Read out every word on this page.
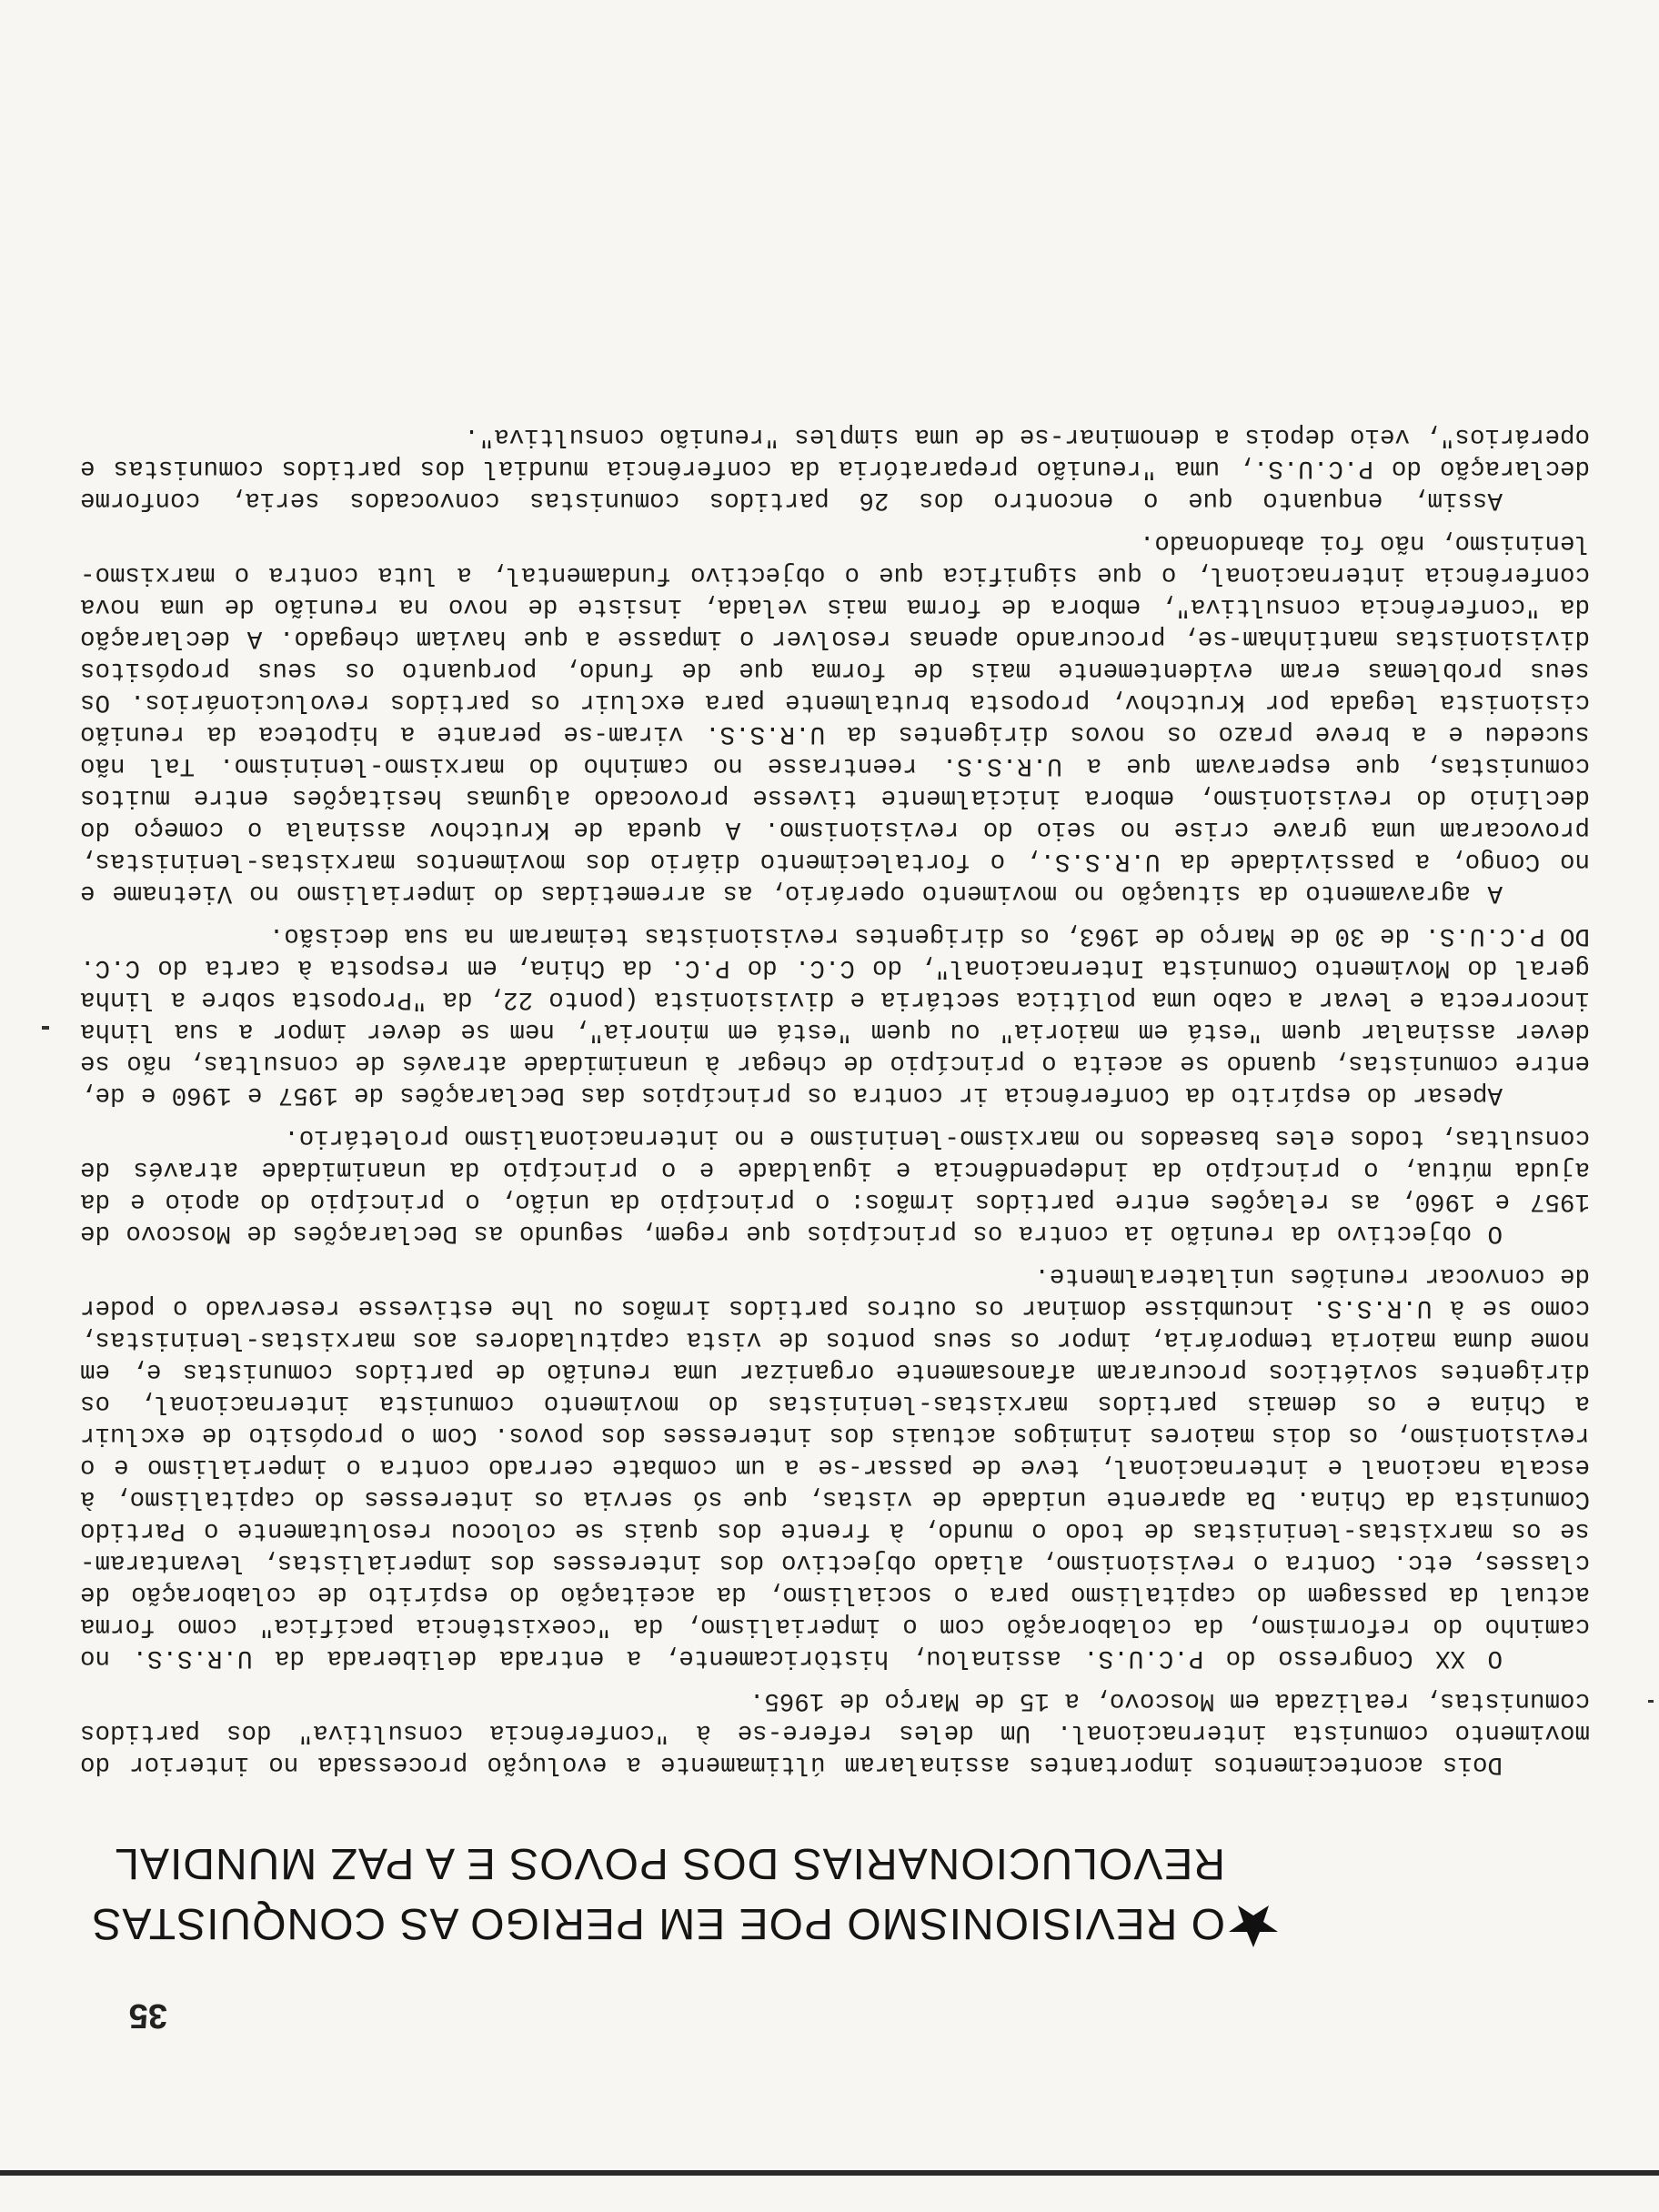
35
O REVISIONISMO POE EM PERIGO AS CONQUISTAS
REVOLUCIONARIAS DOS POVOS E A PAZ MUNDIAL

Dois acontecimentos importantes assinalaram últimamente a evolução processada no interior do movimento comunista internacional. Um deles refere-se à "conferência consultiva" dos partidos comunistas, realizada em Moscovo, a 15 de Março de 1965.

O XX Congresso do P.C.U.S. assinalou, històricamente, a entrada deliberada da U.R.S.S. no caminho do reformismo, da colaboração com o imperialismo, da "coexistência pacífica" como forma actual da passagem do capitalismo para o socialismo, da aceitação do espírito de colaboração de classes, etc. Contra o revisionismo, aliado objectivo dos interesses dos imperialistas, levantaram-se os marxistas-leninistas de todo o mundo, à frente dos quais se colocou resolutamente o Partido Comunista da China. Da aparente unidade de vistas, que só servia os interesses do capitalismo, à escala nacional e internacional, teve de passar-se a um combate cerrado contra o imperialismo e o revisionismo, os dois maiores inimigos actuais dos interesses dos povos. Com o propósito de excluir a China e os demais partidos marxistas-leninistas do movimento comunista internacional, os dirigentes soviéticos procuraram afanosamente organizar uma reunião de partidos comunistas e, em nome duma maioria temporária, impor os seus pontos de vista capituladores aos marxistas-leninistas, como se à U.R.S.S. incumbisse dominar os outros partidos irmãos ou lhe estivesse reservado o poder de convocar reuniões unilateralmente.

O objectivo da reunião ia contra os princípios que regem, segundo as Declarações de Moscovo de 1957 e 1960, as relações entre partidos irmãos: o princípio da união, o princípio do apoio e da ajuda mútua, o princípio da independência e igualdade e o princípio da unanimidade através de consultas, todos eles baseados no marxismo-leninismo e no internacionalismo proletário.

Apesar do espírito da Conferência ir contra os princípios das Declarações de 1957 e 1960 e de, entre comunistas, quando se aceita o princípio de chegar à unanimidade através de consultas, não se dever assinalar quem "está em maioria" ou quem "está em minoria", nem se dever impor a sua linha incorrecta e levar a cabo uma política sectária e divisionista (ponto 22, da "Proposta sobre a linha geral do Movimento Comunista Internacional", do C.C. do P.C. da China, em resposta à carta do C.C. DO P.C.U.S. de 30 de Março de 1963, os dirigentes revisionistas teimaram na sua decisão.

A agravamento da situação no movimento operário, as arremetidas do imperialismo no Vietname e no Congo, a passividade da U.R.S.S., o fortalecimento diário dos movimentos marxistas-leninistas, provocaram uma grave crise no seio do revisionismo. A queda de Krutchov assinala o começo do declínio do revisionismo, embora inicialmente tivesse provocado algumas hesitações entre muitos comunistas, que esperavam que a U.R.S.S. reentrasse no caminho do marxismo-leninismo. Tal não sucedeu e a breve prazo os novos dirigentes da U.R.S.S. viram-se perante a hipoteca da reunião cisionista legada por Krutchov, proposta brutalmente para excluir os partidos revolucionários. Os seus problemas eram evidentemente mais de forma que de fundo, porquanto os seus propósitos divisionistas mantinham-se, procurando apenas resolver o impasse a que haviam chegado. A declaração da "conferência consultiva", embora de forma mais velada, insiste de novo na reunião de uma nova conferência internacional, o que significa que o objectivo fundamental, a luta contra o marxismo-leninismo, não foi abandonado.

Assim, enquanto que o encontro dos 26 partidos comunistas convocados seria, conforme declaração do P.C.U.S., uma "reunião preparatória da conferência mundial dos partidos comunistas e operários", veio depois a denominar-se de uma simples "reunião consultiva".
